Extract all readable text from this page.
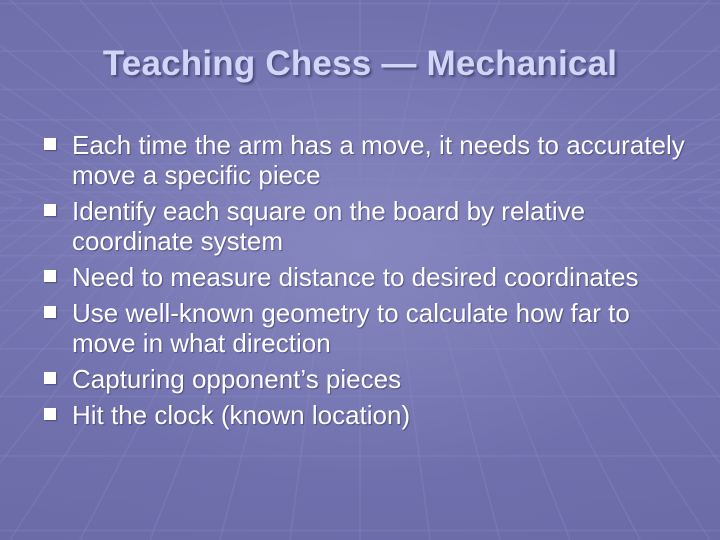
Teaching Chess — Mechanical
Each time the arm has a move, it needs to accurately move a specific piece
Identify each square on the board by relative coordinate system
Need to measure distance to desired coordinates
Use well-known geometry to calculate how far to move in what direction
Capturing opponent’s pieces
Hit the clock (known location)
